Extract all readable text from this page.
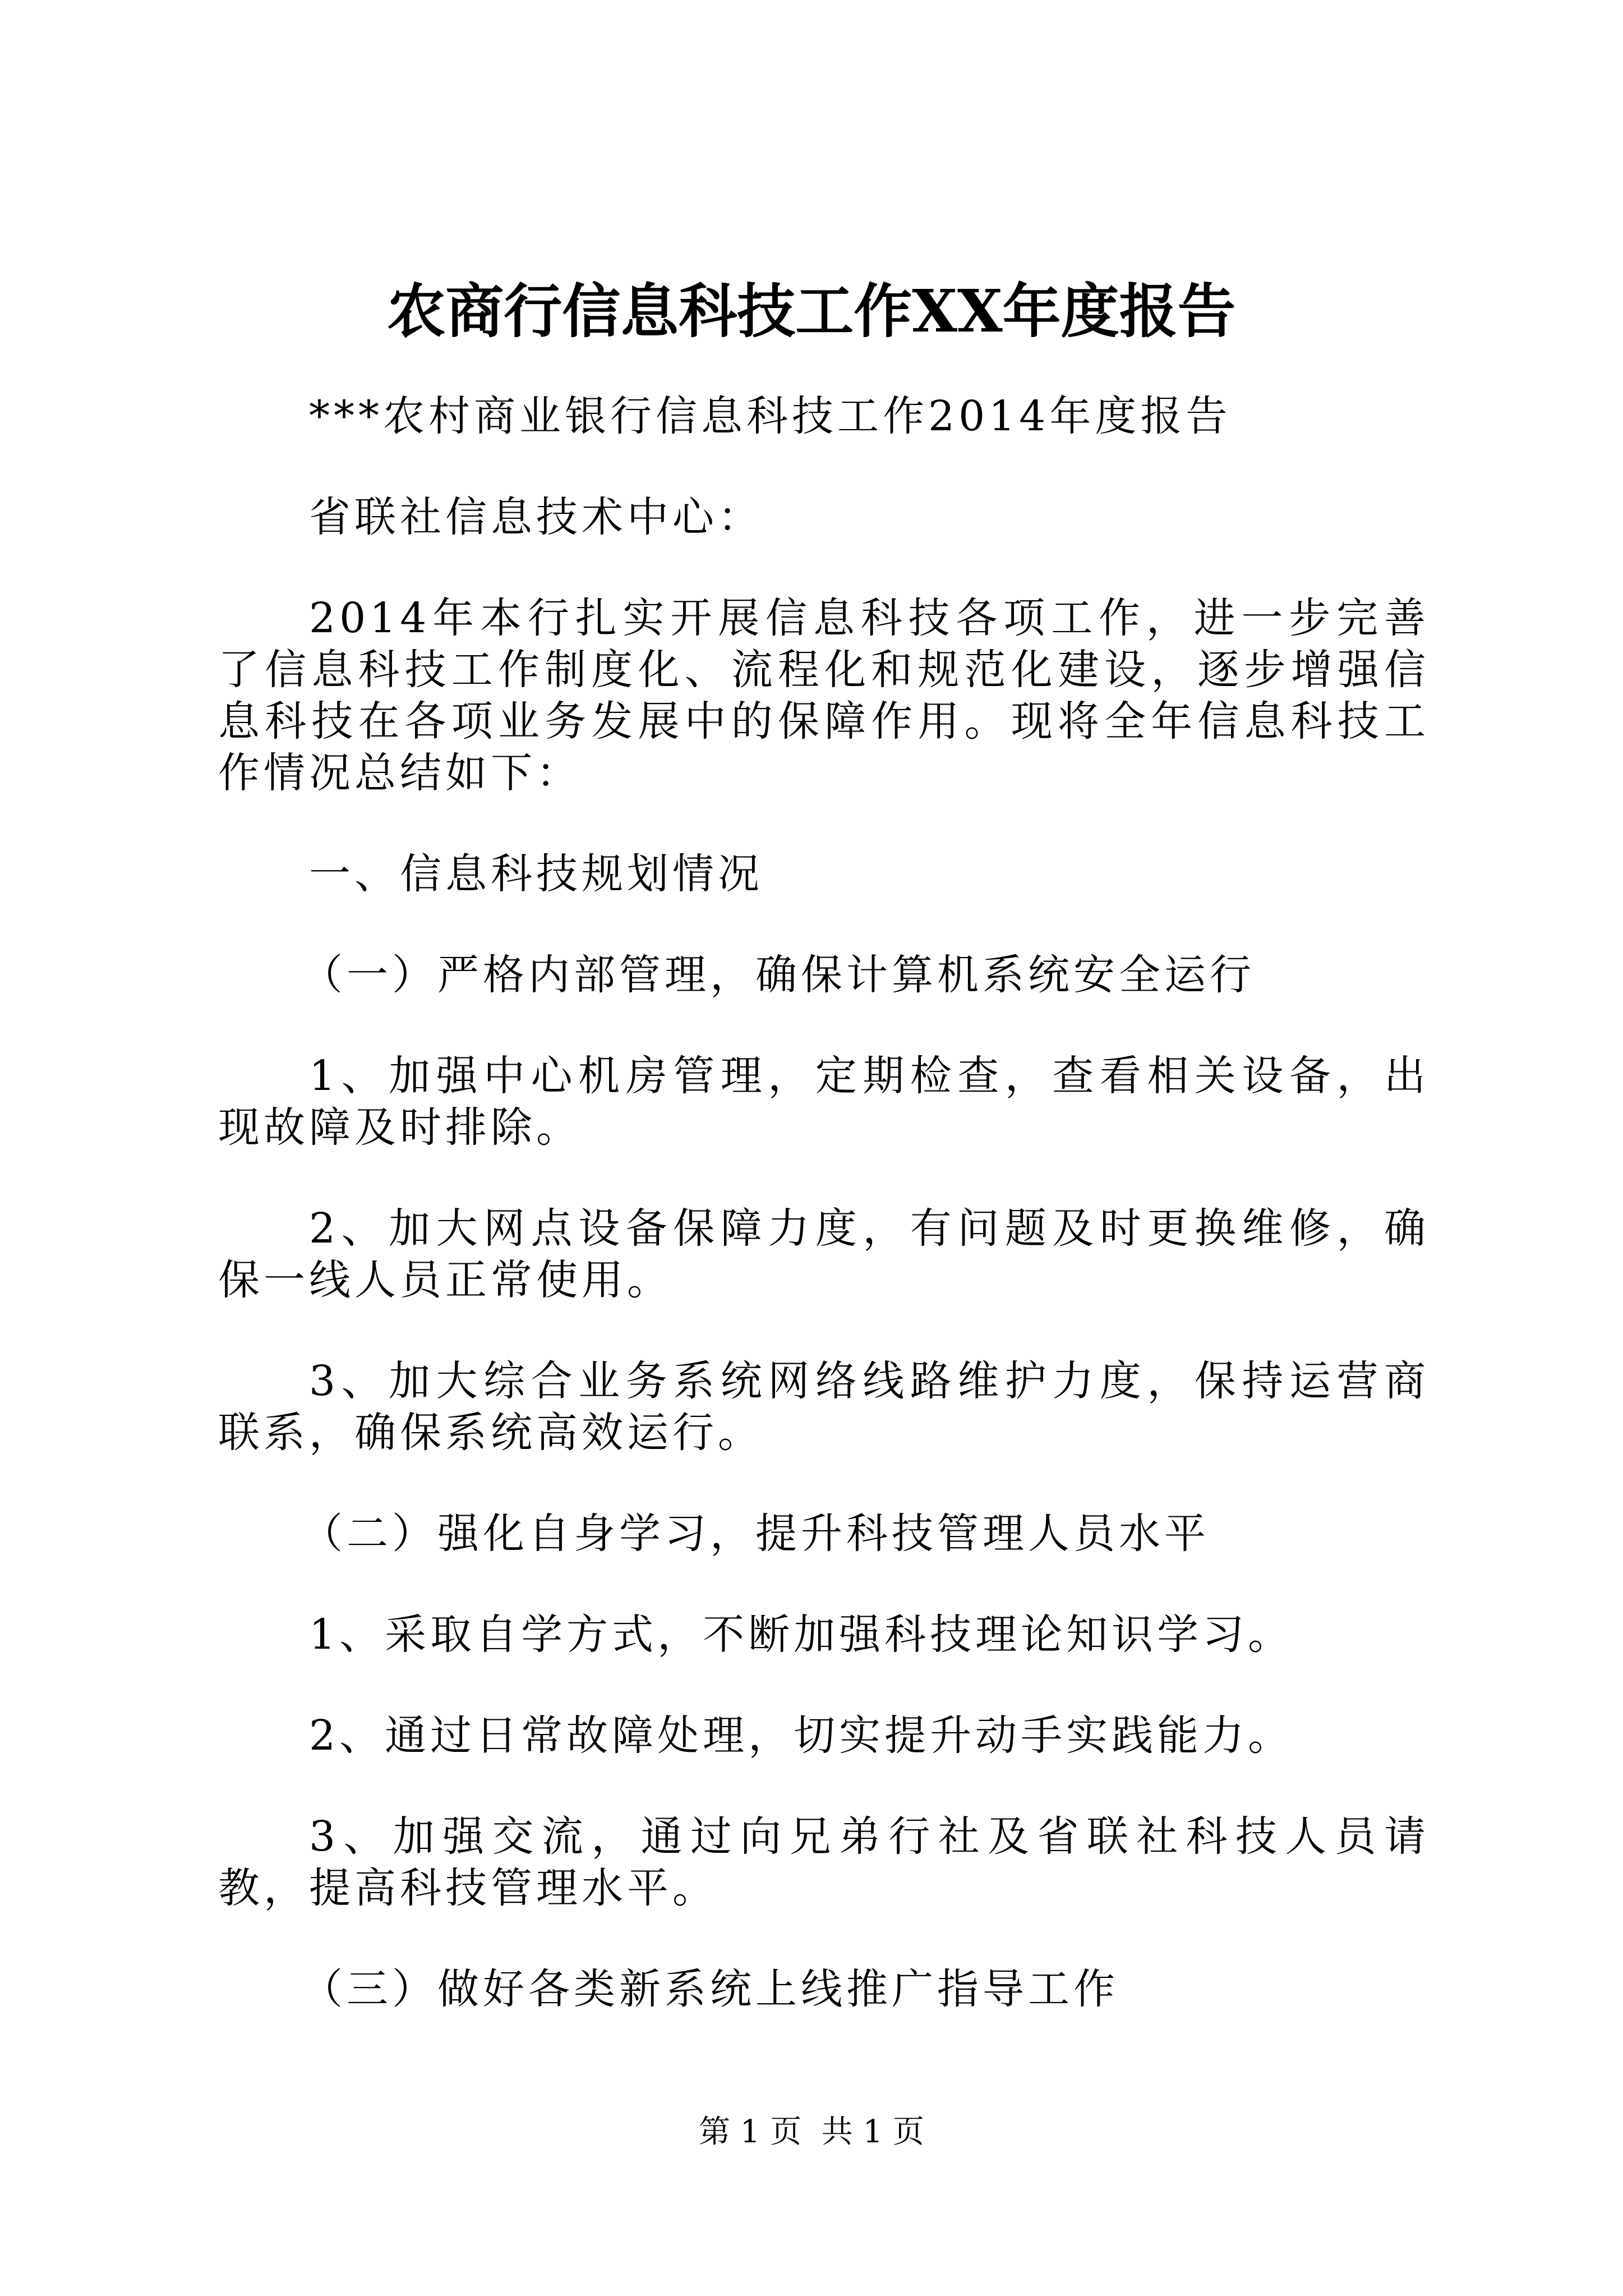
农商行信息科技工作XX年度报告

***农村商业银行信息科技工作2014年度报告

省联社信息技术中心：

2014年本行扎实开展信息科技各项工作，进一步完善了信息科技工作制度化、流程化和规范化建设，逐步增强信息科技在各项业务发展中的保障作用。现将全年信息科技工作情况总结如下：

一、信息科技规划情况

（一）严格内部管理，确保计算机系统安全运行

1、加强中心机房管理，定期检查，查看相关设备，出现故障及时排除。

2、加大网点设备保障力度，有问题及时更换维修，确保一线人员正常使用。

3、加大综合业务系统网络线路维护力度，保持运营商联系，确保系统高效运行。

（二）强化自身学习，提升科技管理人员水平

1、采取自学方式，不断加强科技理论知识学习。

2、通过日常故障处理，切实提升动手实践能力。

3、加强交流，通过向兄弟行社及省联社科技人员请教，提高科技管理水平。

（三）做好各类新系统上线推广指导工作

第 1 页  共 1 页
